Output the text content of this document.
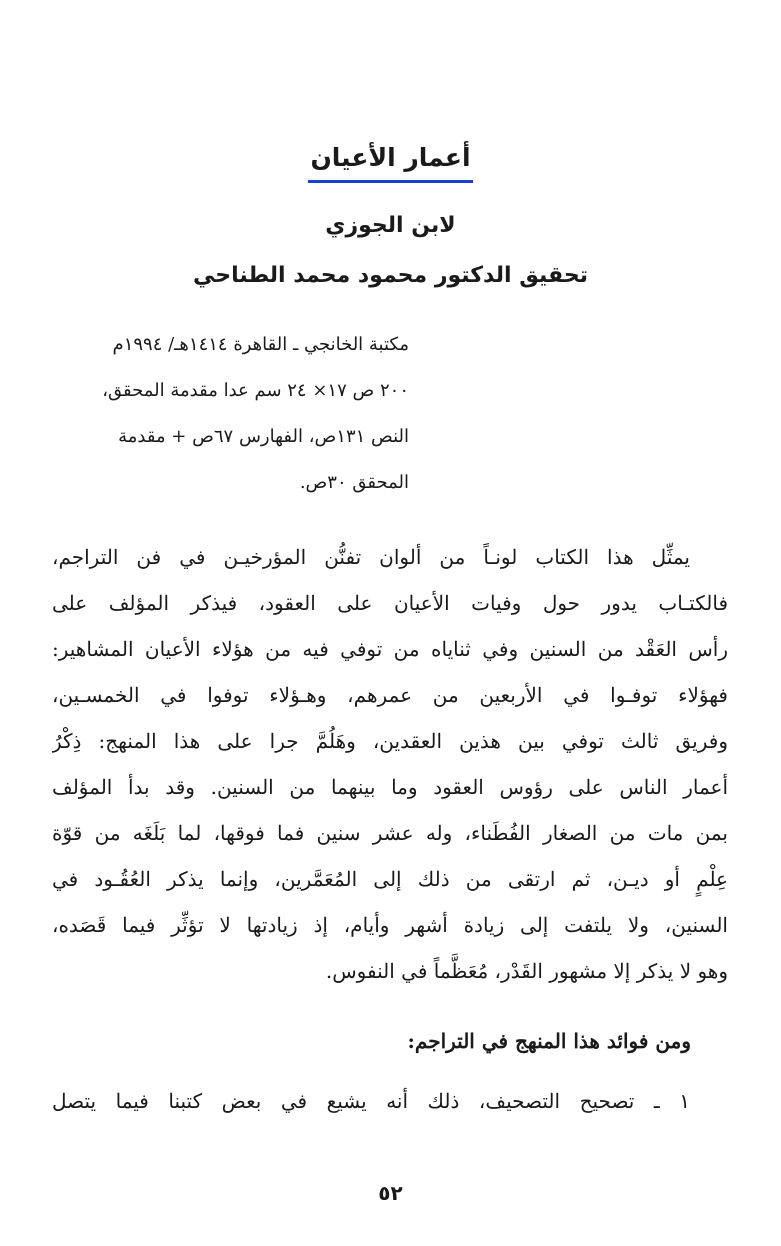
أعمار الأعيان
لابن الجوزي
تحقيق الدكتور محمود محمد الطناحي
مكتبة الخانجي ـ القاهرة ١٤١٤هـ/ ١٩٩٤م
٢٠٠ ص ١٧× ٢٤ سم عدا مقدمة المحقق،
النص ١٣١ص، الفهارس ٦٧ص + مقدمة
المحقق ٣٠ص.
يمثِّل هذا الكتاب لونـاً من ألوان تفنُّن المؤرخيـن في فن التراجم،
فالكتـاب يدور حول وفيات الأعيان على العقود، فيذكر المؤلف على
رأس العَقْد من السنين وفي ثناياه من توفي فيه من هؤلاء الأعيان المشاهير:
فهؤلاء توفـوا في الأربعين من عمرهم، وهـؤلاء توفوا في الخمسـين،
وفريق ثالث توفي بين هذين العقدين، وهَلُمَّ جرا على هذا المنهج: ذِكْرُ
أعمار الناس على رؤوس العقود وما بينهما من السنين. وقد بدأ المؤلف
بمن مات من الصغار الفُطَناء، وله عشر سنين فما فوقها، لما بَلَغَه من قوّة
عِلْمٍ أو ديـن، ثم ارتقى من ذلك إلى المُعَمَّرين، وإنما يذكر العُقُـود في
السنين، ولا يلتفت إلى زيادة أشهر وأيام، إذ زيادتها لا تؤثِّر فيما قَصَده،
وهو لا يذكر إلا مشهور القَدْر، مُعَظَّماً في النفوس.
ومن فوائد هذا المنهج في التراجم:
١ ـ تصحيح التصحيف، ذلك أنه يشيع في بعض كتبنا فيما يتصل
٥٢
